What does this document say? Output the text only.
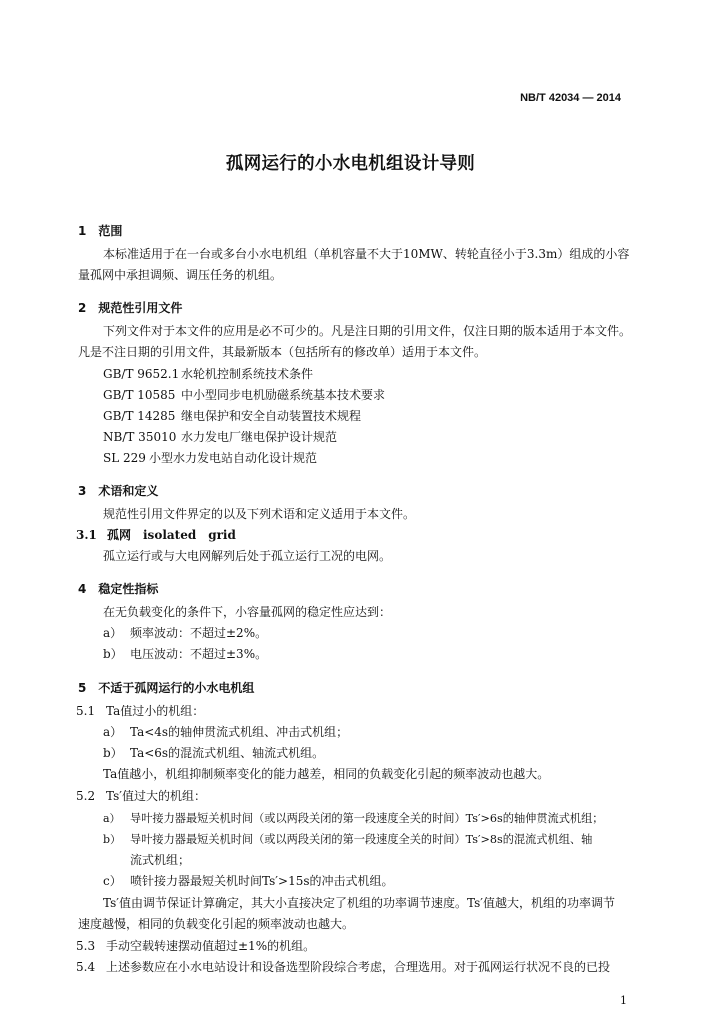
NB/T 42034 — 2014
孤网运行的小水电机组设计导则
1　范围
本标准适用于在一台或多台小水电机组（单机容量不大于10MW、转轮直径小于3.3m）组成的小容
量孤网中承担调频、调压任务的机组。
2　规范性引用文件
下列文件对于本文件的应用是必不可少的。凡是注日期的引用文件，仅注日期的版本适用于本文件。
凡是不注日期的引用文件，其最新版本（包括所有的修改单）适用于本文件。
GB/T 9652.1 水轮机控制系统技术条件
GB/T 10585 中小型同步电机励磁系统基本技术要求
GB/T 14285 继电保护和安全自动装置技术规程
NB/T 35010 水力发电厂继电保护设计规范
SL 229 小型水力发电站自动化设计规范
3　术语和定义
规范性引用文件界定的以及下列术语和定义适用于本文件。
3.1 孤网　isolated　grid
孤立运行或与大电网解列后处于孤立运行工况的电网。
4　稳定性指标
在无负载变化的条件下，小容量孤网的稳定性应达到：
a） 频率波动：不超过±2%。
b） 电压波动：不超过±3%。
5　不适于孤网运行的小水电机组
5.1 Ta值过小的机组：
a） Ta<4s的轴伸贯流式机组、冲击式机组；
b） Ta<6s的混流式机组、轴流式机组。
Ta值越小，机组抑制频率变化的能力越差，相同的负载变化引起的频率波动也越大。
5.2 Ts′值过大的机组：
a） 导叶接力器最短关机时间（或以两段关闭的第一段速度全关的时间）Ts′>6s的轴伸贯流式机组；
b） 导叶接力器最短关机时间（或以两段关闭的第一段速度全关的时间）Ts′>8s的混流式机组、轴
流式机组；
c） 喷针接力器最短关机时间Ts′>15s的冲击式机组。
Ts′值由调节保证计算确定，其大小直接决定了机组的功率调节速度。Ts′值越大，机组的功率调节
速度越慢，相同的负载变化引起的频率波动也越大。
5.3 手动空载转速摆动值超过±1%的机组。
5.4 上述参数应在小水电站设计和设备选型阶段综合考虑，合理选用。对于孤网运行状况不良的已投
1
